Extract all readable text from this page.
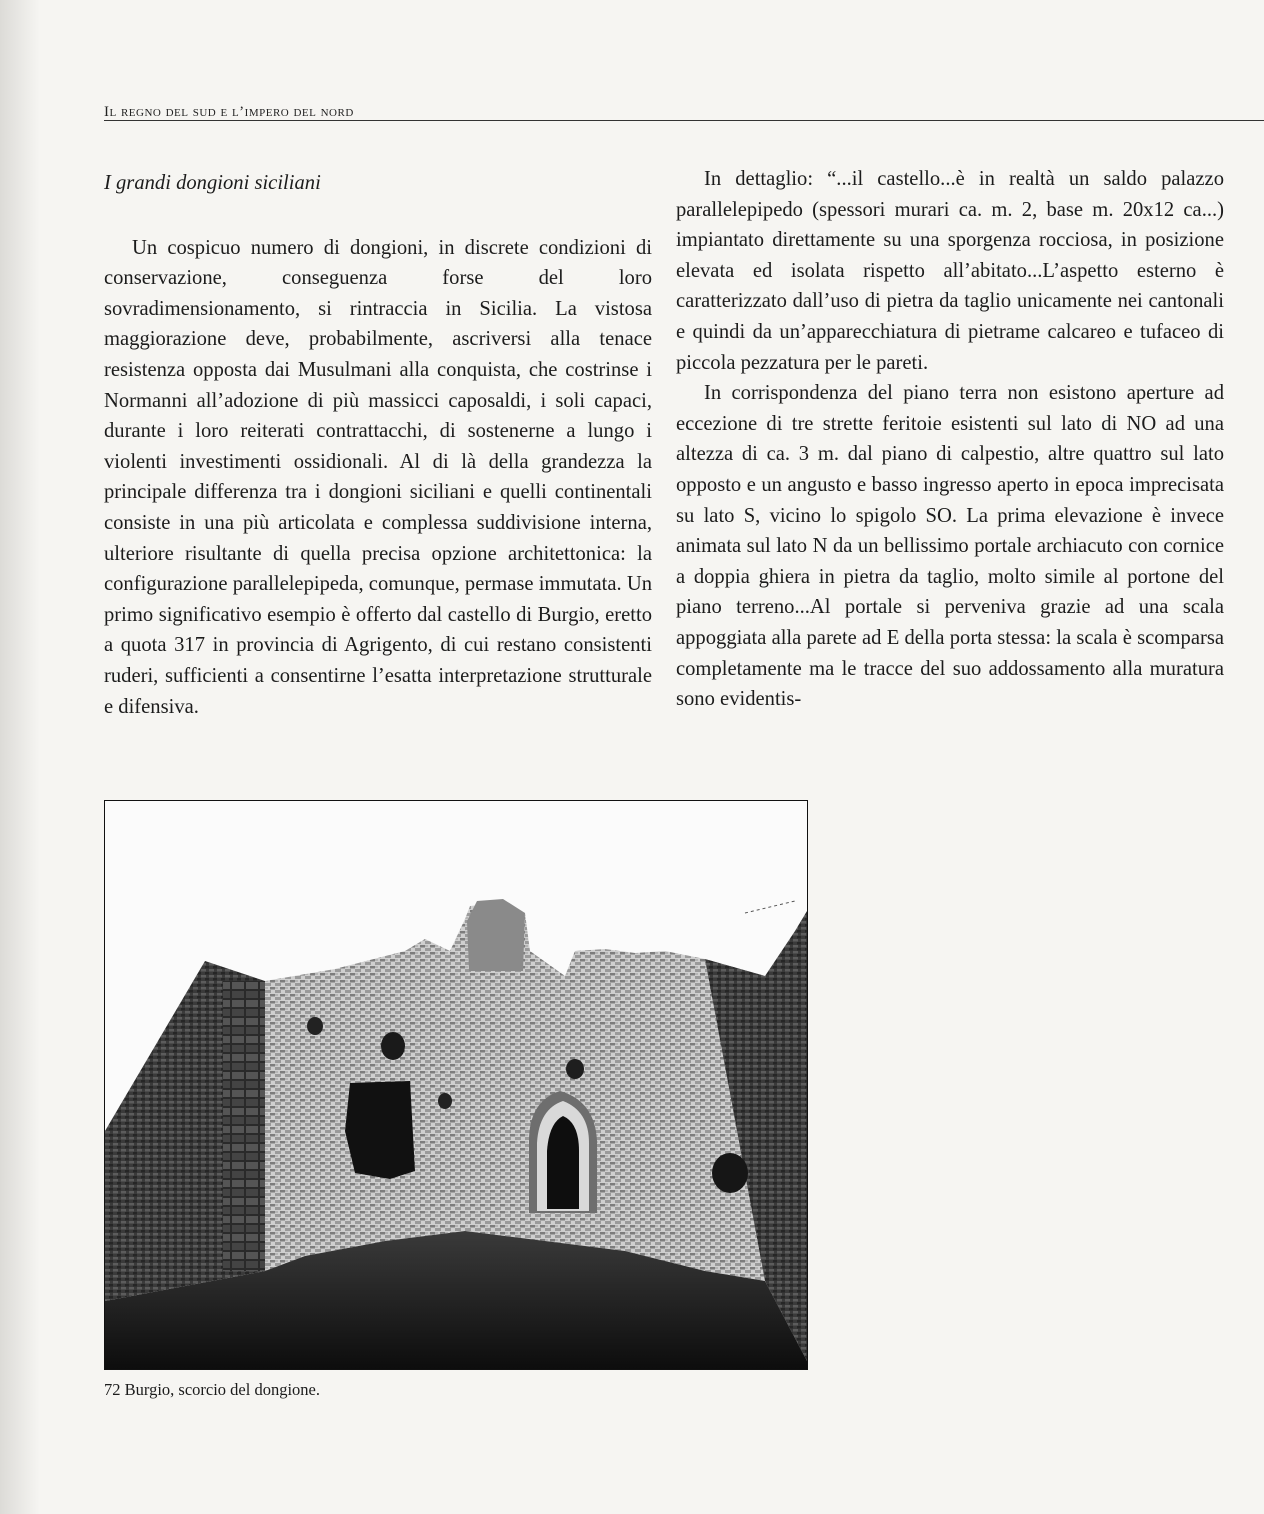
Il regno del sud e l’impero del nord
I grandi dongioni siciliani

Un cospicuo numero di dongioni, in discrete condizioni di conservazione, conseguenza forse del loro sovradimensionamento, si rintraccia in Sicilia. La vistosa maggiorazione deve, probabilmente, ascriversi alla tenace resistenza opposta dai Musulmani alla conquista, che costrinse i Normanni all’adozione di più massicci caposaldi, i soli capaci, durante i loro reiterati contrattacchi, di sostenerne a lungo i violenti investimenti ossidionali. Al di là della grandezza la principale differenza tra i dongioni siciliani e quelli continentali consiste in una più articolata e complessa suddivisione interna, ulteriore risultante di quella precisa opzione architettonica: la configurazione parallelepipeda, comunque, permase immutata. Un primo significativo esempio è offerto dal castello di Burgio, eretto a quota 317 in provincia di Agrigento, di cui restano consistenti ruderi, sufficienti a consentirne l’esatta interpretazione strutturale e difensiva.

In dettaglio: “...il castello...è in realtà un saldo palazzo parallelepipedo (spessori murari ca. m. 2, base m. 20x12 ca...) impiantato direttamente su una sporgenza rocciosa, in posizione elevata ed isolata rispetto all’abitato...L’aspetto esterno è caratterizzato dall’uso di pietra da taglio unicamente nei cantonali e quindi da un’apparecchiatura di pietrame calcareo e tufaceo di piccola pezzatura per le pareti.

In corrispondenza del piano terra non esistono aperture ad eccezione di tre strette feritoie esistenti sul lato di NO ad una altezza di ca. 3 m. dal piano di calpestio, altre quattro sul lato opposto e un angusto e basso ingresso aperto in epoca imprecisata su lato S, vicino lo spigolo SO. La prima elevazione è invece animata sul lato N da un bellissimo portale archiacuto con cornice a doppia ghiera in pietra da taglio, molto simile al portone del piano terreno...Al portale si perveniva grazie ad una scala appoggiata alla parete ad E della porta stessa: la scala è scomparsa completamente ma le tracce del suo addossamento alla muratura sono evidentis-

72 Burgio, scorcio del dongione.
